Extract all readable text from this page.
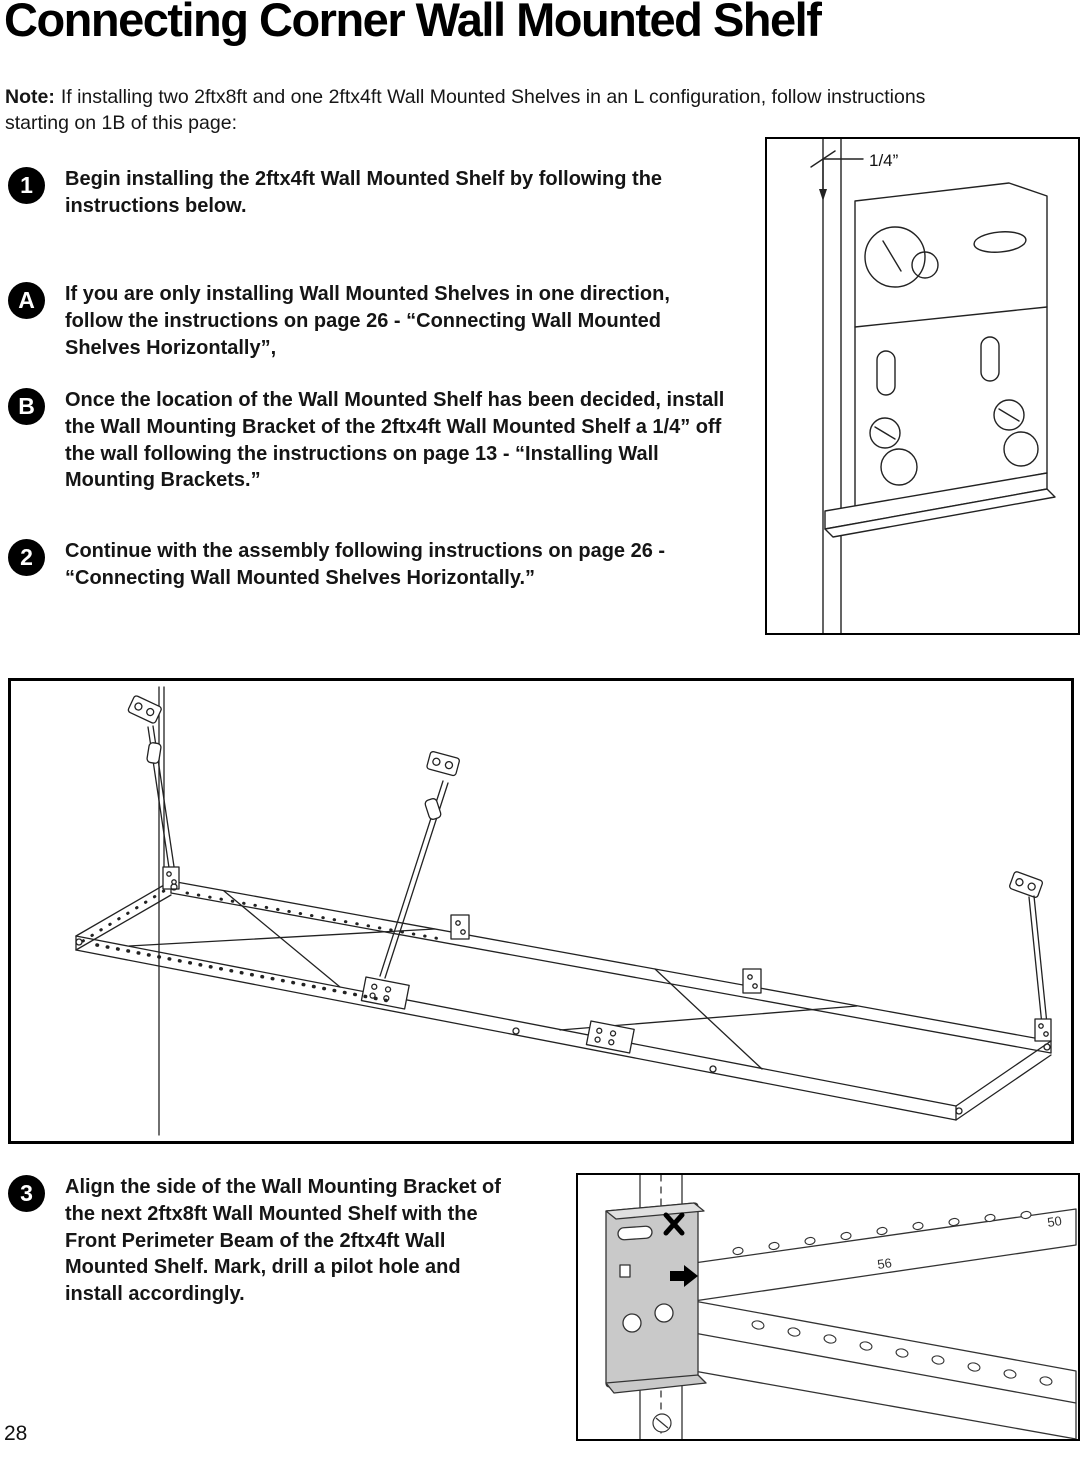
Connecting Corner Wall Mounted Shelf

Note: If installing two 2ftx8ft and one 2ftx4ft Wall Mounted Shelves in an L configuration, follow instructions starting on 1B of this page:

1	Begin installing the 2ftx4ft Wall Mounted Shelf by following the instructions below.

A	If you are only installing Wall Mounted Shelves in one direction, follow the instructions on page 26 - “Connecting Wall Mounted Shelves Horizontally”,

B	Once the location of the Wall Mounted Shelf has been decided, install the Wall Mounting Bracket of the 2ftx4ft Wall Mounted Shelf a 1/4” off the wall following the instructions on page 13 - “Installing Wall Mounting Brackets.”

2	Continue with the assembly following instructions on page 26 - “Connecting Wall Mounted Shelves Horizontally.”

1/4”
3	Align the side of the Wall Mounting Bracket of the next 2ftx8ft Wall Mounted Shelf with the Front Perimeter Beam of the 2ftx4ft Wall Mounted Shelf. Mark, drill a pilot hole and install accordingly.

50
56

28
